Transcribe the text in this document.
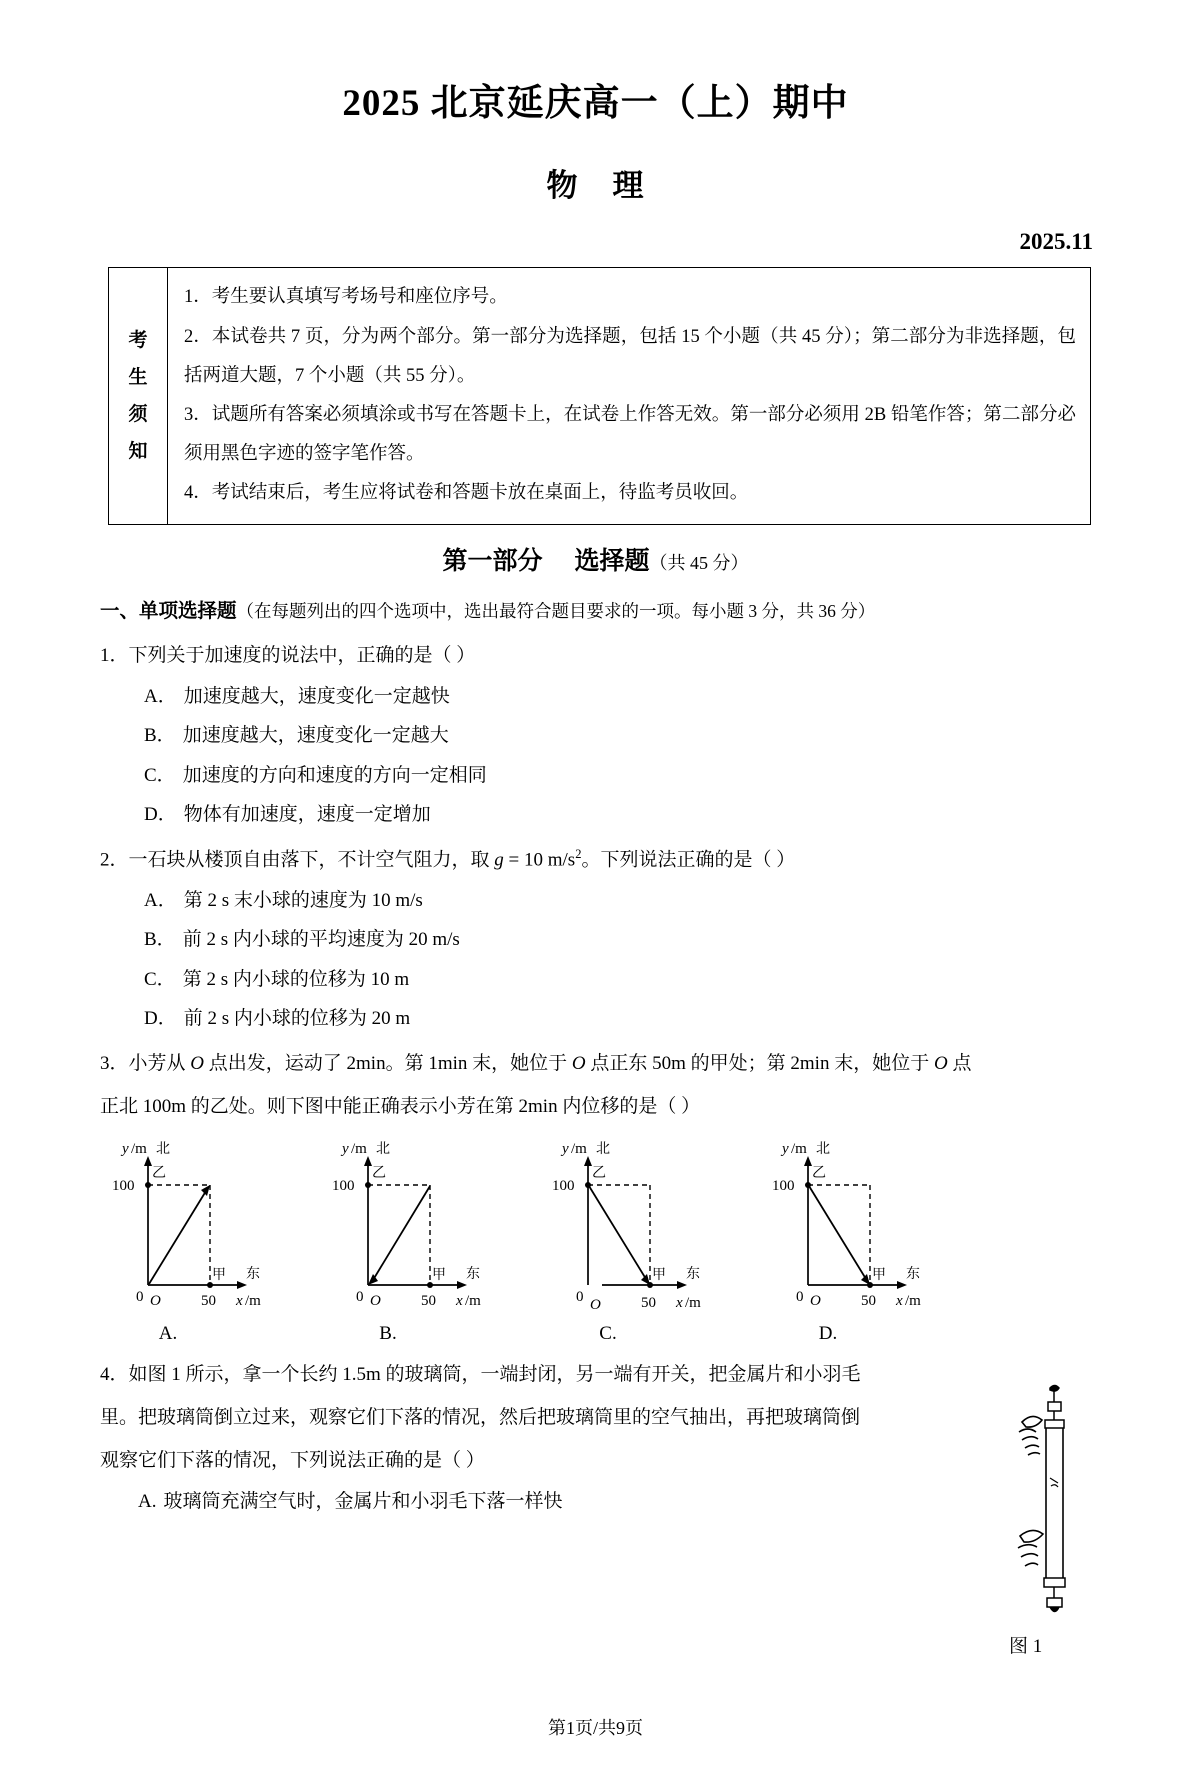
2025 北京延庆高一（上）期中
物 理
2025.11
考
生
须
知

1．考生要认真填写考场号和座位序号。

2．本试卷共 7 页，分为两个部分。第一部分为选择题，包括 15 个小题（共 45 分）；第二部分为非选择题，包括两道大题，7 个小题（共 55 分）。

3．试题所有答案必须填涂或书写在答题卡上，在试卷上作答无效。第一部分必须用 2B 铅笔作答；第二部分必须用黑色字迹的签字笔作答。

4．考试结束后，考生应将试卷和答题卡放在桌面上，待监考员收回。

第一部分 选择题（共 45 分）
一、单项选择题（在每题列出的四个选项中，选出最符合题目要求的一项。每小题 3 分，共 36 分）
1．下列关于加速度的说法中，正确的是（ ）
A． 加速度越大，速度变化一定越快
B． 加速度越大，速度变化一定越大
C． 加速度的方向和速度的方向一定相同
D． 物体有加速度，速度一定增加
2．一石块从楼顶自由落下，不计空气阻力，取 g = 10 $m/s^2$。下列说法正确的是（ ）
A． 第 2 s 末小球的速度为 10 m/s
B． 前 2 s 内小球的平均速度为 20 m/s
C． 第 2 s 内小球的位移为 10 m
D． 前 2 s 内小球的位移为 20 m

3．小芳从 O 点出发，运动了 2min。第 1min 末，她位于 O 点正东 50m 的甲处；第 2min 末，她位于 O 点

正北 100m 的乙处。则下图中能正确表示小芳在第 2min 内位移的是（ ）

y /m 北
100
乙
甲 东
0 O	50 x /m
A.
y /m 北
100
乙
甲 东
0 O	50 x /m
B.
y /m 北
100
乙
甲 东
0 O	50 x /m
C.
y /m 北
100
乙
甲 东
0 O	50 x /m
D.

4．如图 1 所示，拿一个长约 1.5m 的玻璃筒，一端封闭，另一端有开关，把金属片和小羽毛

里。把玻璃筒倒立过来，观察它们下落的情况，然后把玻璃筒里的空气抽出，再把玻璃筒倒

观察它们下落的情况，下列说法正确的是（ ）

A. 玻璃筒充满空气时，金属片和小羽毛下落一样快
图 1
第1页/共9页
